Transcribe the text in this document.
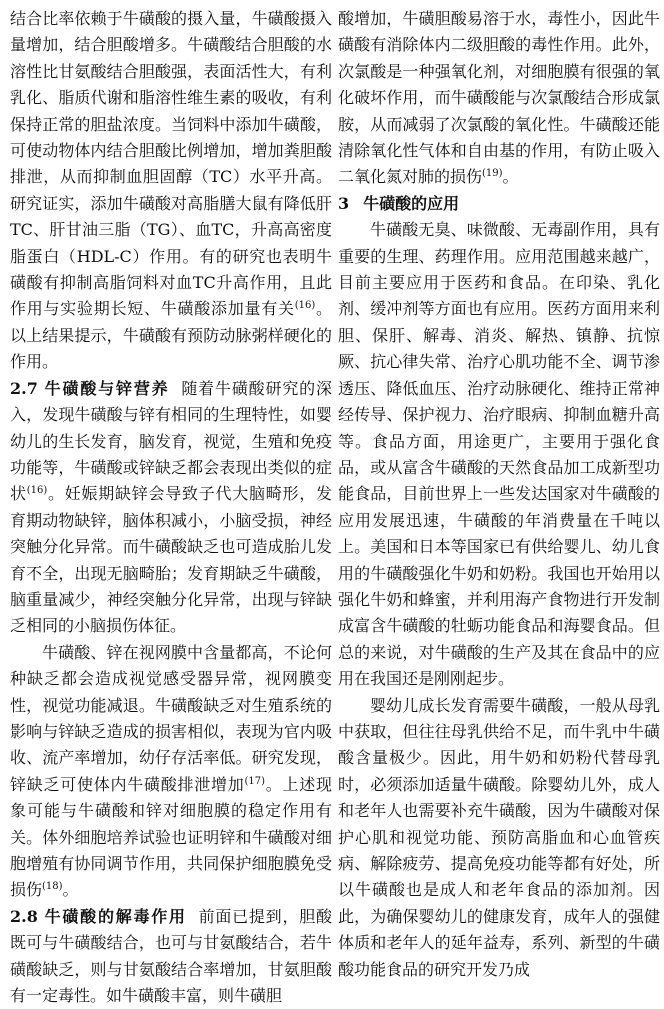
结合比率依赖于牛磺酸的摄入量，牛磺酸摄入量增加，结合胆酸增多。牛磺酸结合胆酸的水溶性比甘氨酸结合胆酸强，表面活性大，有利乳化、脂质代谢和脂溶性维生素的吸收，有利保持正常的胆盐浓度。当饲料中添加牛磺酸，可使动物体内结合胆酸比例增加，增加粪胆酸排泄，从而抑制血胆固醇（TC）水平升高。研究证实，添加牛磺酸对高脂膳大鼠有降低肝 TC、肝甘油三脂（TG）、血TC，升高高密度脂蛋白（HDL-C）作用。有的研究也表明牛磺酸有抑制高脂饲料对血TC升高作用，且此作用与实验期长短、牛磺酸添加量有关$^{(16)}$。以上结果提示，牛磺酸有预防动脉粥样硬化的作用。

2.7 牛磺酸与锌营养 随着牛磺酸研究的深入，发现牛磺酸与锌有相同的生理特性，如婴幼儿的生长发育，脑发育，视觉，生殖和免疫功能等，牛磺酸或锌缺乏都会表现出类似的症状$^{(16)}$。妊娠期缺锌会导致子代大脑畸形，发育期动物缺锌，脑体积减小，小脑受损，神经突触分化异常。而牛磺酸缺乏也可造成胎儿发育不全，出现无脑畸胎；发育期缺乏牛磺酸，脑重量减少，神经突触分化异常，出现与锌缺乏相同的小脑损伤体征。

牛磺酸、锌在视网膜中含量都高，不论何种缺乏都会造成视觉感受器异常，视网膜变性，视觉功能减退。牛磺酸缺乏对生殖系统的影响与锌缺乏造成的损害相似，表现为官内吸收、流产率增加，幼仔存活率低。研究发现，锌缺乏可使体内牛磺酸排泄增加$^{(17)}$。上述现象可能与牛磺酸和锌对细胞膜的稳定作用有关。体外细胞培养试验也证明锌和牛磺酸对细胞增殖有协同调节作用，共同保护细胞膜免受损伤$^{(18)}$。

2.8 牛磺酸的解毒作用 前面已提到，胆酸既可与牛磺酸结合，也可与甘氨酸结合，若牛磺酸缺乏，则与甘氨酸结合率增加，甘氨胆酸有一定毒性。如牛磺酸丰富，则牛磺胆

酸增加，牛磺胆酸易溶于水，毒性小，因此牛磺酸有消除体内二级胆酸的毒性作用。此外，次氯酸是一种强氧化剂，对细胞膜有很强的氧化破坏作用，而牛磺酸能与次氯酸结合形成氯胺，从而减弱了次氯酸的氧化性。牛磺酸还能清除氧化性气体和自由基的作用，有防止吸入二氧化氮对肺的损伤$^{(19)}$。

3 牛磺酸的应用

牛磺酸无臭、味微酸、无毒副作用，具有重要的生理、药理作用。应用范围越来越广，目前主要应用于医药和食品。在印染、乳化剂、缓冲剂等方面也有应用。医药方面用来利胆、保肝、解毒、消炎、解热、镇静、抗惊厥、抗心律失常、治疗心肌功能不全、调节渗透压、降低血压、治疗动脉硬化、维持正常神经传导、保护视力、治疗眼病、抑制血糖升高等。食品方面，用途更广，主要用于强化食品，或从富含牛磺酸的天然食品加工成新型功能食品，目前世界上一些发达国家对牛磺酸的应用发展迅速，牛磺酸的年消费量在千吨以上。美国和日本等国家已有供给婴儿、幼儿食用的牛磺酸强化牛奶和奶粉。我国也开始用以强化牛奶和蜂蜜，并利用海产食物进行开发制成富含牛磺酸的牡蛎功能食品和海婴食品。但总的来说，对牛磺酸的生产及其在食品中的应用在我国还是刚刚起步。

婴幼儿成长发育需要牛磺酸，一般从母乳中获取，但往往母乳供给不足，而牛乳中牛磺酸含量极少。因此，用牛奶和奶粉代替母乳时，必须添加适量牛磺酸。除婴幼儿外，成人和老年人也需要补充牛磺酸，因为牛磺酸对保护心肌和视觉功能、预防高脂血和心血管疾病、解除疲劳、提高免疫功能等都有好处，所以牛磺酸也是成人和老年食品的添加剂。因此，为确保婴幼儿的健康发育，成年人的强健体质和老年人的延年益寿，系列、新型的牛磺酸功能食品的研究开发乃成
